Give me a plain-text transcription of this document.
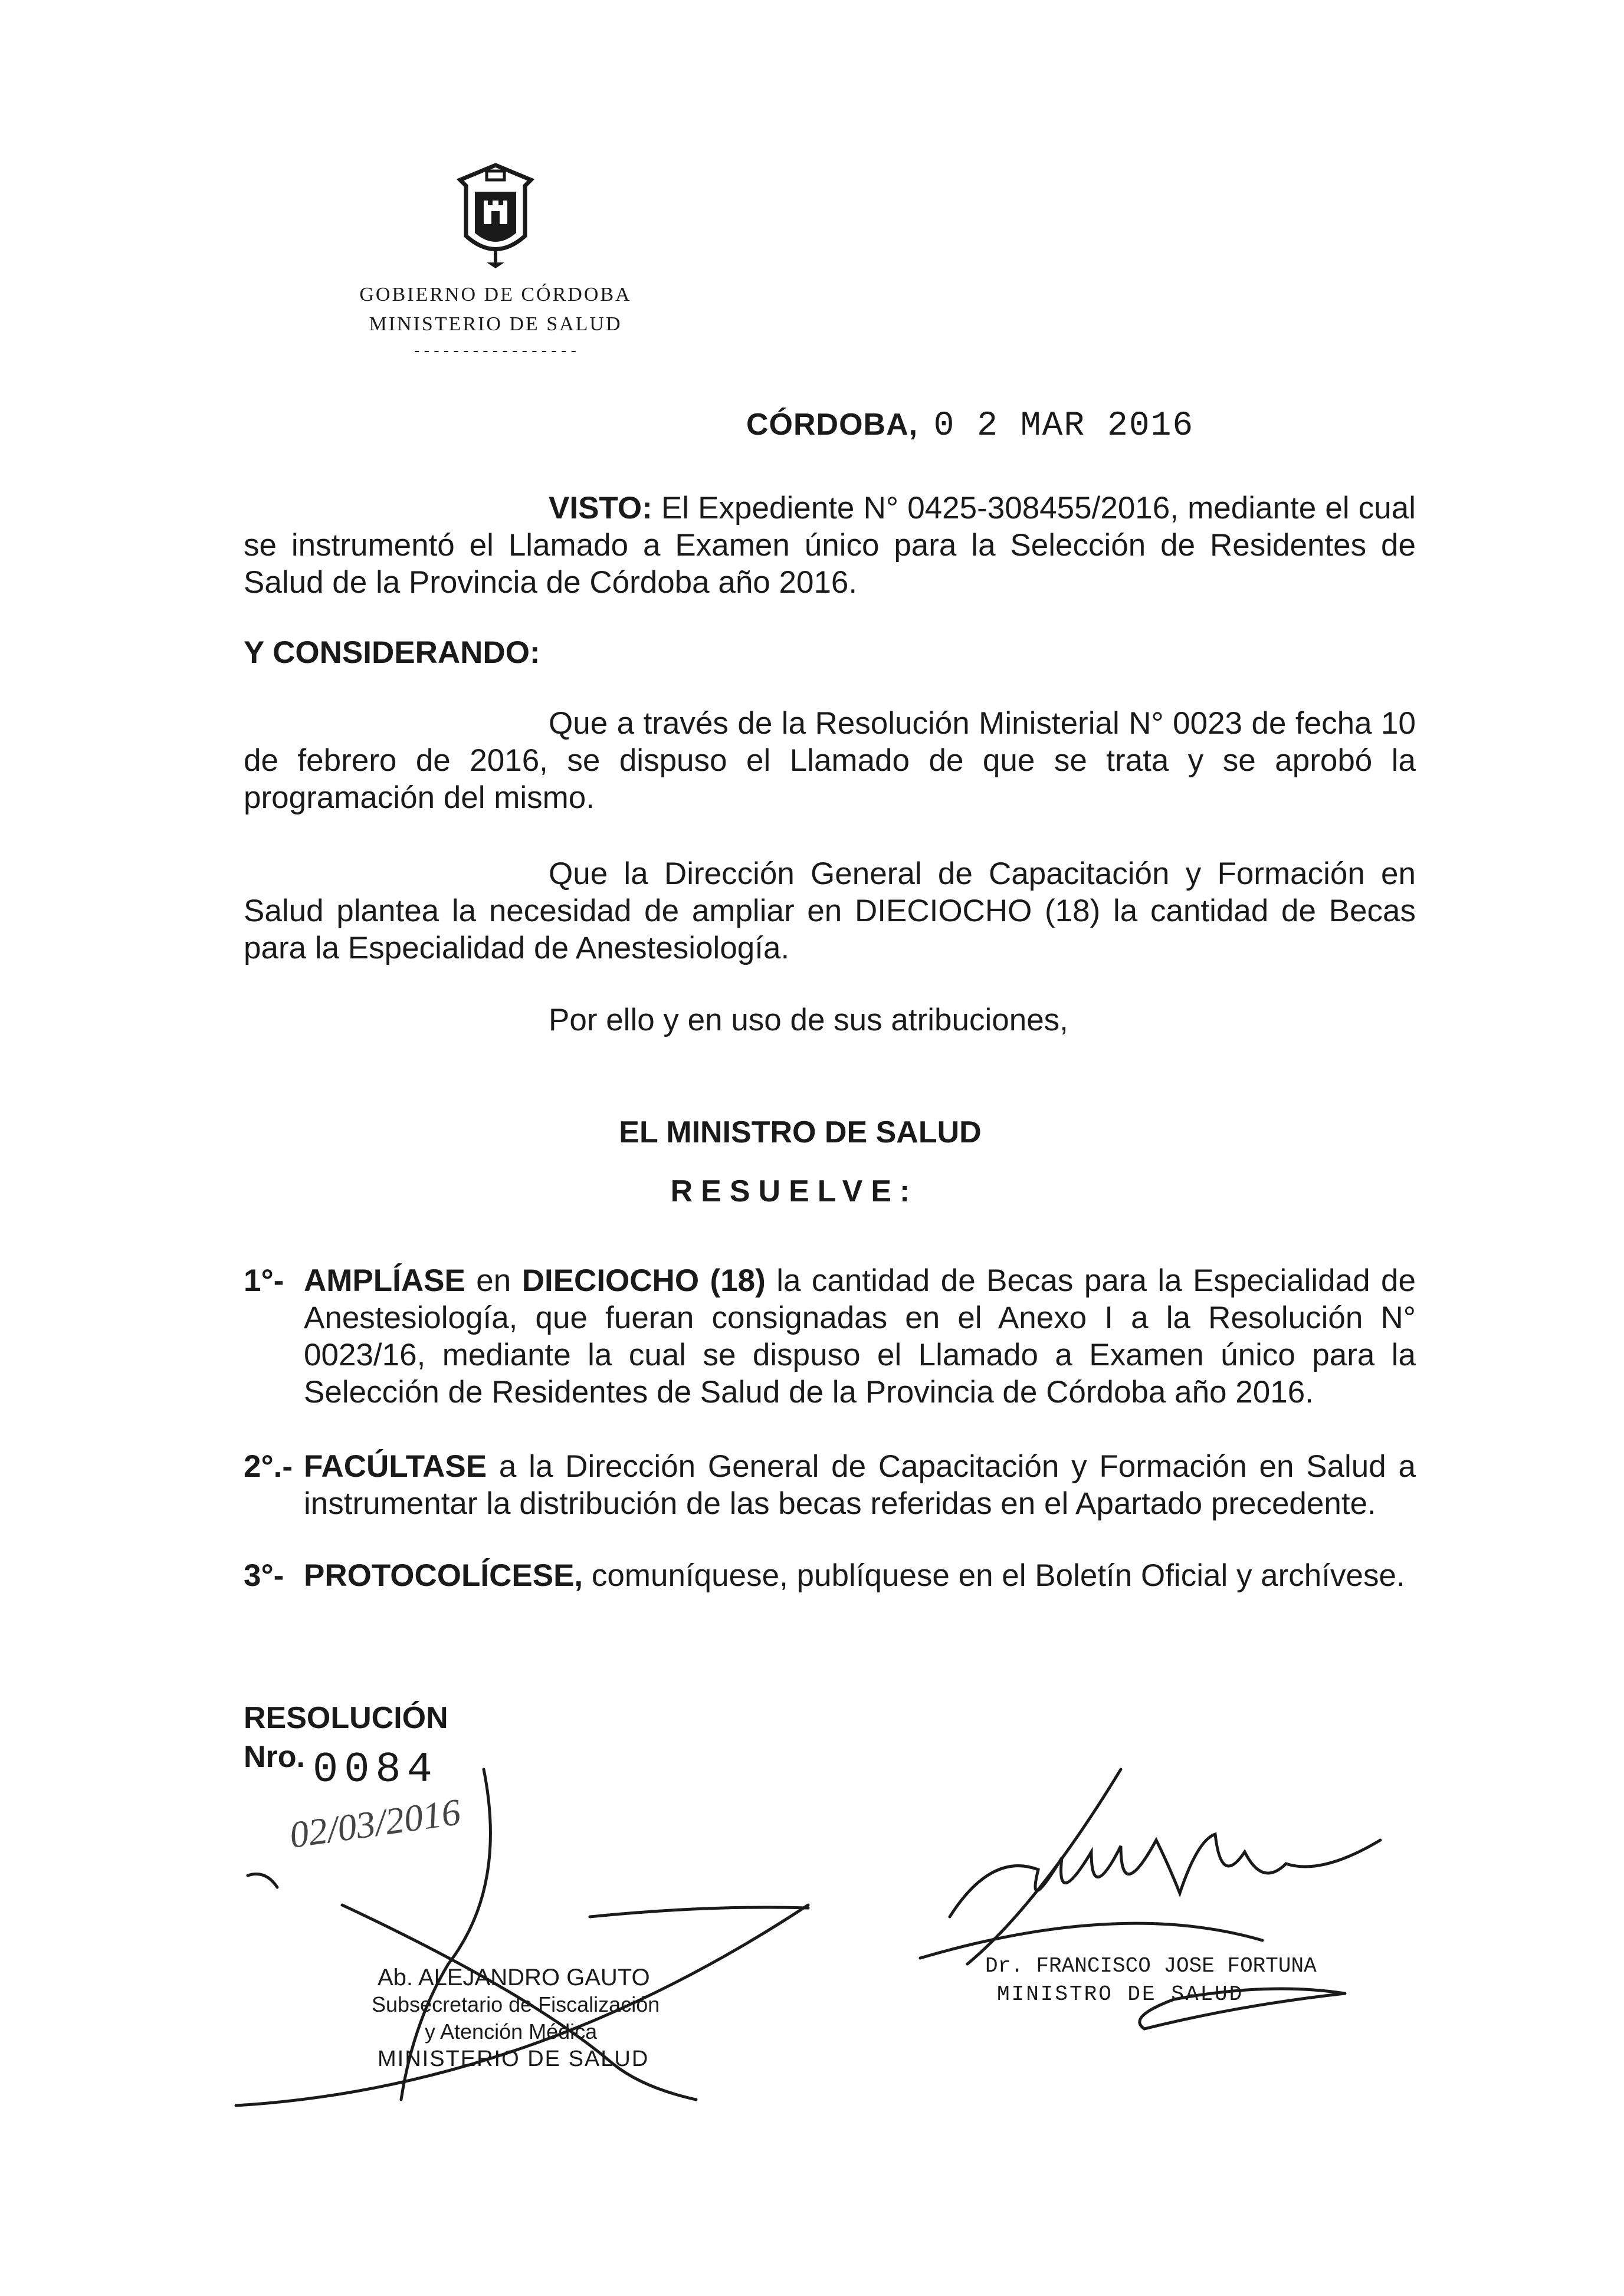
GOBIERNO DE CÓRDOBA
MINISTERIO DE SALUD
-----------------
CÓRDOBA, 0 2 MAR 2016
VISTO: El Expediente N° 0425-308455/2016, mediante el cual se instrumentó el Llamado a Examen único para la Selección de Residentes de Salud de la Provincia de Córdoba año 2016.
Y CONSIDERANDO:
Que a través de la Resolución Ministerial N° 0023 de fecha 10 de febrero de 2016, se dispuso el Llamado de que se trata y se aprobó la programación del mismo.
Que la Dirección General de Capacitación y Formación en Salud plantea la necesidad de ampliar en DIECIOCHO (18) la cantidad de Becas para la Especialidad de Anestesiología.
Por ello y en uso de sus atribuciones,
EL MINISTRO DE SALUD
RESUELVE:
1°- AMPLÍASE en DIECIOCHO (18) la cantidad de Becas para la Especialidad de Anestesiología, que fueran consignadas en el Anexo I a la Resolución N° 0023/16, mediante la cual se dispuso el Llamado a Examen único para la Selección de Residentes de Salud de la Provincia de Córdoba año 2016.
2°.- FACÚLTASE a la Dirección General de Capacitación y Formación en Salud a instrumentar la distribución de las becas referidas en el Apartado precedente.
3°- PROTOCOLÍCESE, comuníquese, publíquese en el Boletín Oficial y archívese.
RESOLUCIÓN
Nro. 0084
02/03/2016
Ab. ALEJANDRO GAUTO
Subsecretario de Fiscalización
y Atención Médica
MINISTERIO DE SALUD
Dr. FRANCISCO JOSE FORTUNA
MINISTRO DE SALUD
